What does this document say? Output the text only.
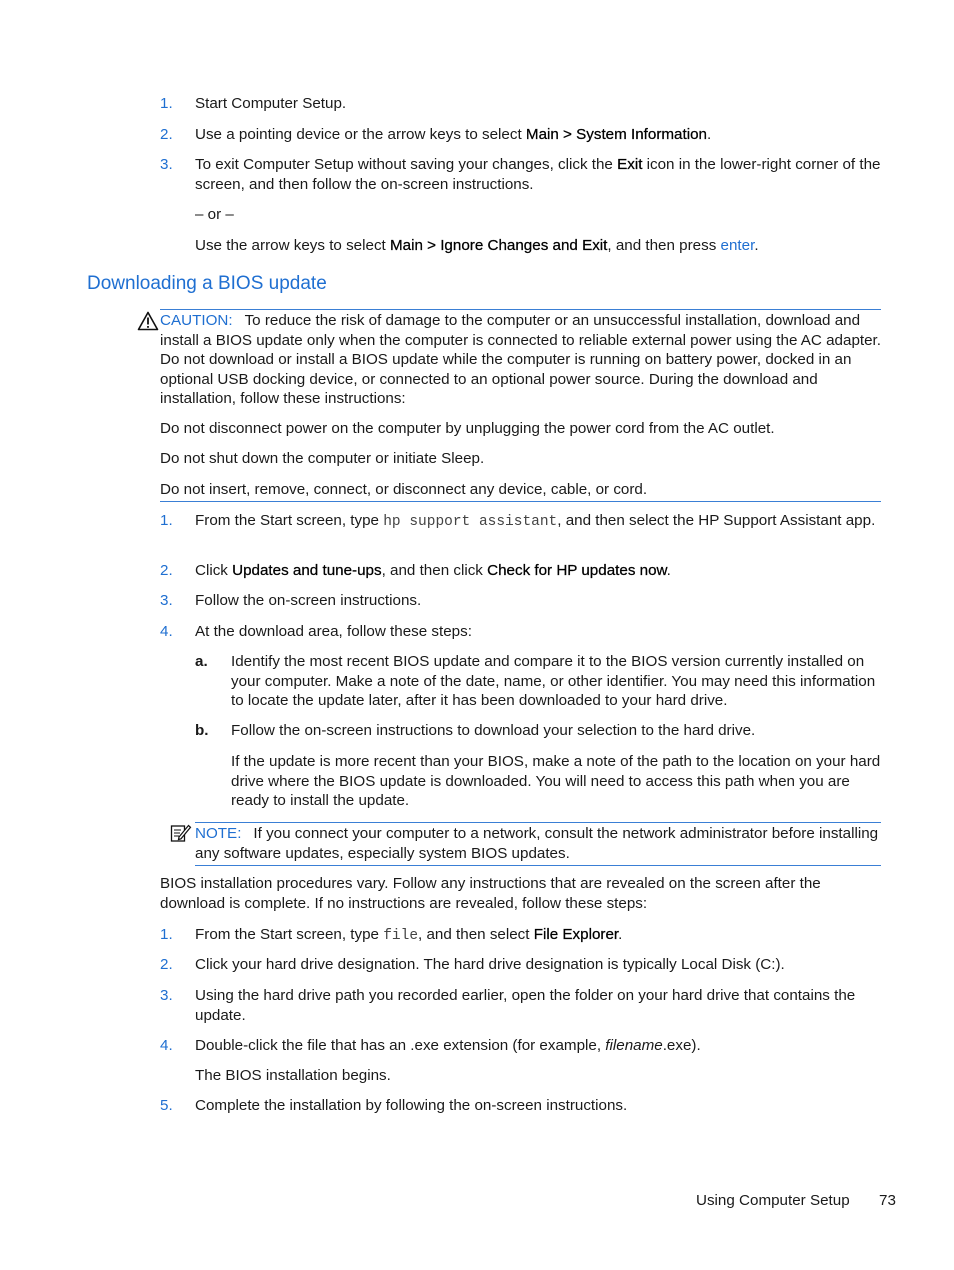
1. Start Computer Setup.
2. Use a pointing device or the arrow keys to select Main > System Information.
3. To exit Computer Setup without saving your changes, click the Exit icon in the lower-right corner of the screen, and then follow the on-screen instructions.
– or –
Use the arrow keys to select Main > Ignore Changes and Exit, and then press enter.
Downloading a BIOS update
CAUTION: To reduce the risk of damage to the computer or an unsuccessful installation, download and install a BIOS update only when the computer is connected to reliable external power using the AC adapter. Do not download or install a BIOS update while the computer is running on battery power, docked in an optional USB docking device, or connected to an optional power source. During the download and installation, follow these instructions:
Do not disconnect power on the computer by unplugging the power cord from the AC outlet.
Do not shut down the computer or initiate Sleep.
Do not insert, remove, connect, or disconnect any device, cable, or cord.
1. From the Start screen, type hp support assistant, and then select the HP Support Assistant app.
2. Click Updates and tune-ups, and then click Check for HP updates now.
3. Follow the on-screen instructions.
4. At the download area, follow these steps:
a. Identify the most recent BIOS update and compare it to the BIOS version currently installed on your computer. Make a note of the date, name, or other identifier. You may need this information to locate the update later, after it has been downloaded to your hard drive.
b. Follow the on-screen instructions to download your selection to the hard drive.
If the update is more recent than your BIOS, make a note of the path to the location on your hard drive where the BIOS update is downloaded. You will need to access this path when you are ready to install the update.
NOTE: If you connect your computer to a network, consult the network administrator before installing any software updates, especially system BIOS updates.
BIOS installation procedures vary. Follow any instructions that are revealed on the screen after the download is complete. If no instructions are revealed, follow these steps:
1. From the Start screen, type file, and then select File Explorer.
2. Click your hard drive designation. The hard drive designation is typically Local Disk (C:).
3. Using the hard drive path you recorded earlier, open the folder on your hard drive that contains the update.
4. Double-click the file that has an .exe extension (for example, filename.exe).
The BIOS installation begins.
5. Complete the installation by following the on-screen instructions.
Using Computer Setup 73
